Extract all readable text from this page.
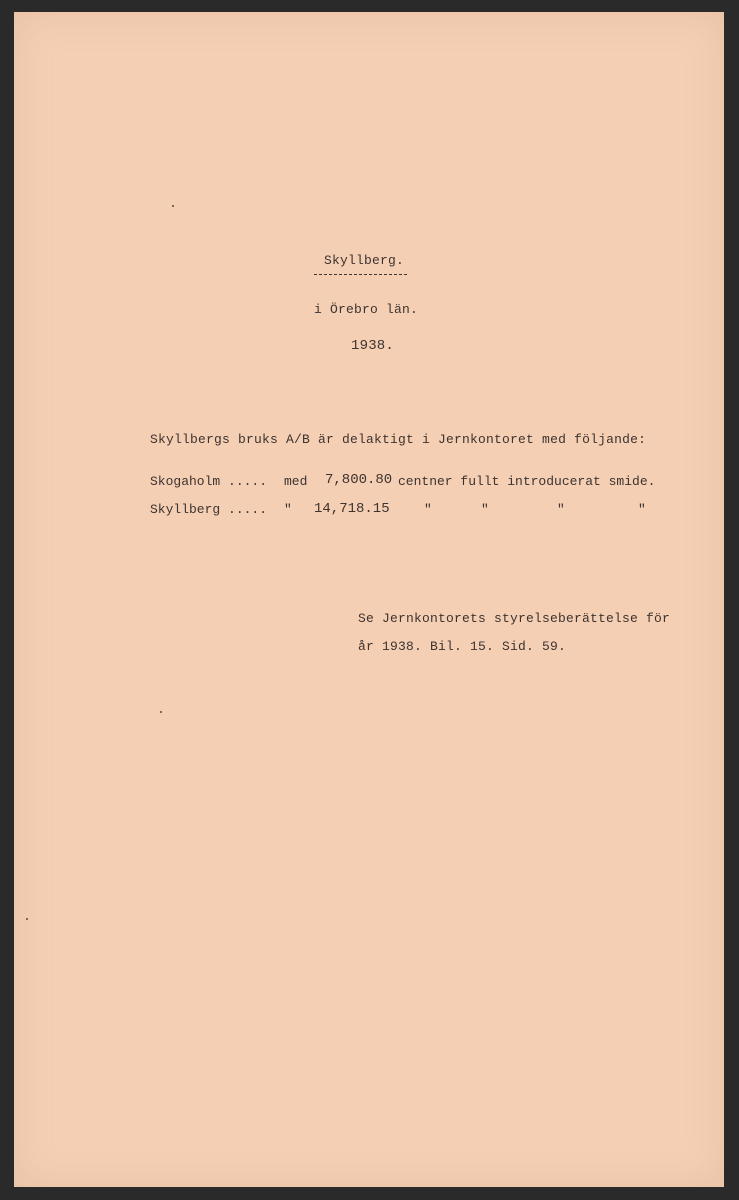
Skyllberg.
i Örebro län.
1938.
Skyllbergs bruks A/B är delaktigt i Jernkontoret med följande:
Skogaholm ..... med 7,800.80 centner fullt introducerat smide.
Skyllberg ..... " 14,718.15	"	"	"	"
Se Jernkontorets styrelseberättelse för
år 1938. Bil. 15. Sid. 59.
